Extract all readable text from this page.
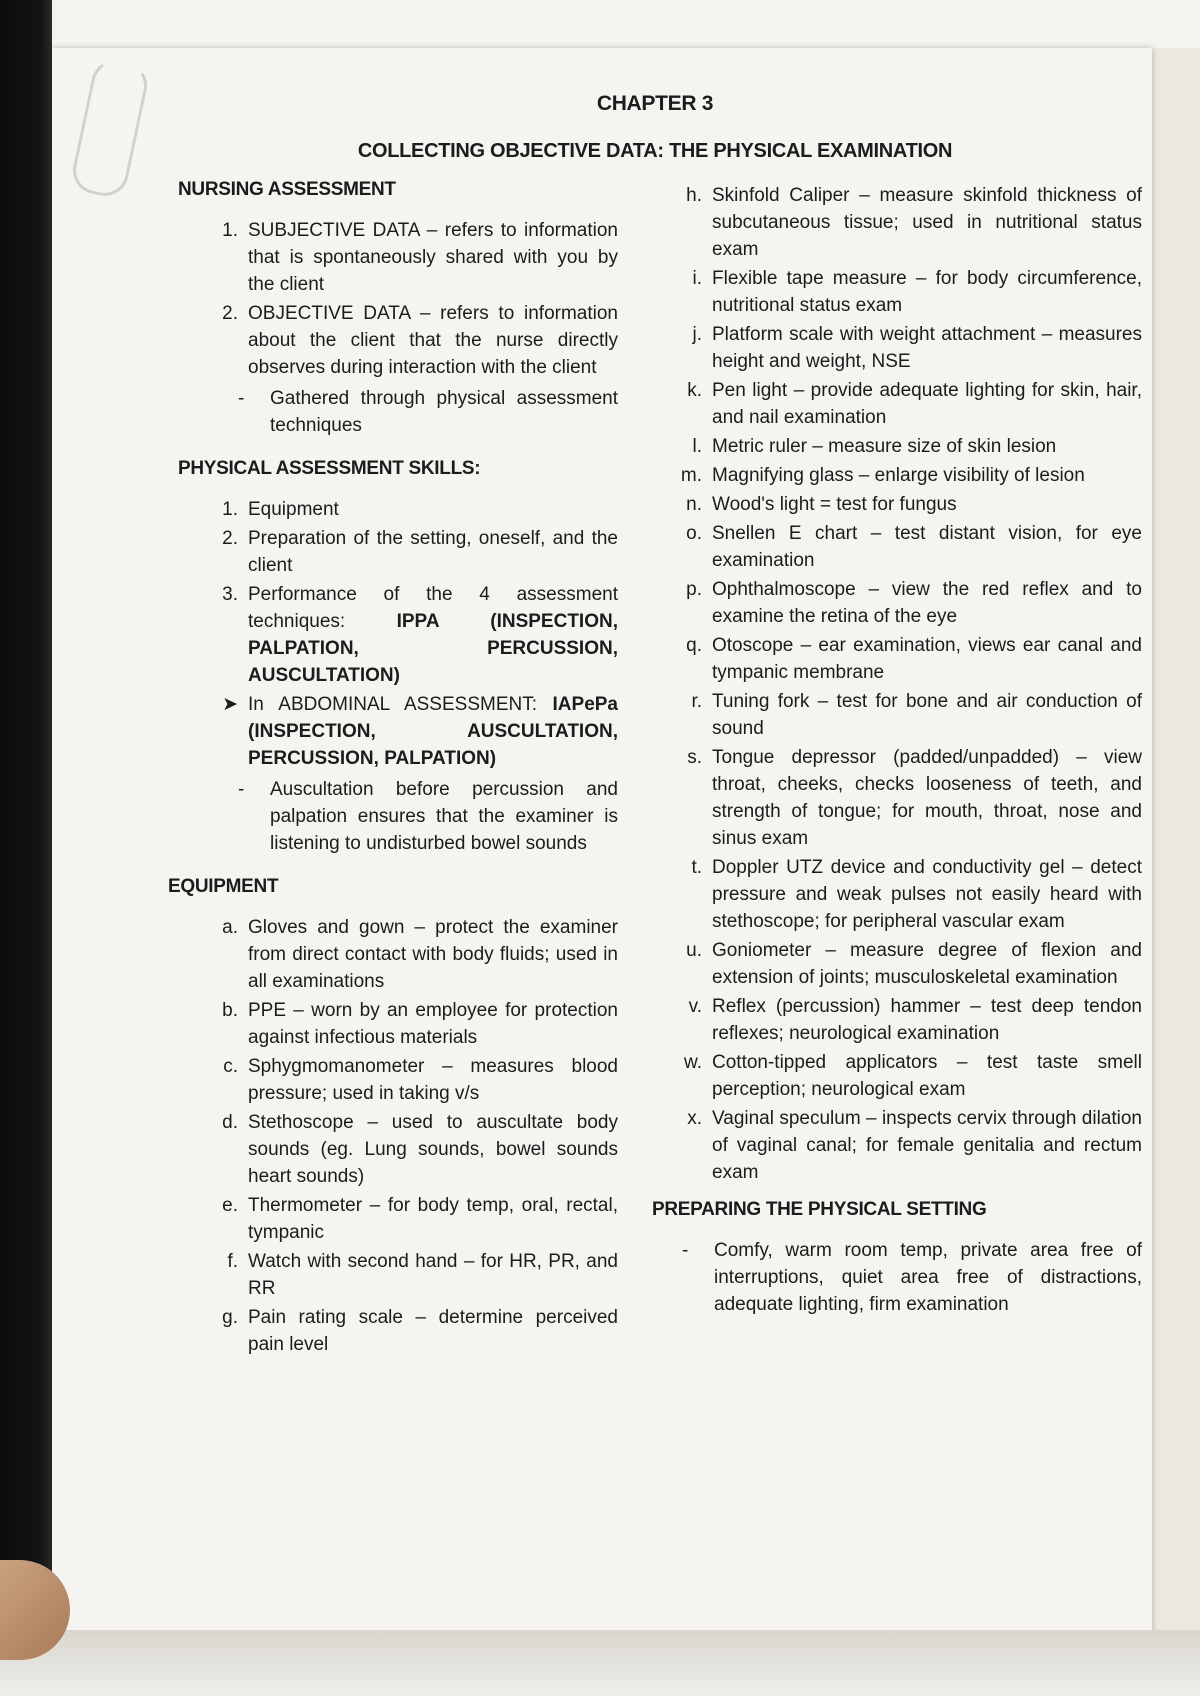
CHAPTER 3
COLLECTING OBJECTIVE DATA: THE PHYSICAL EXAMINATION
NURSING ASSESSMENT
1. SUBJECTIVE DATA – refers to information that is spontaneously shared with you by the client
2. OBJECTIVE DATA – refers to information about the client that the nurse directly observes during interaction with the client
-	Gathered through physical assessment techniques
PHYSICAL ASSESSMENT SKILLS:
1. Equipment
2. Preparation of the setting, oneself, and the client
3. Performance of the 4 assessment techniques:	IPPA (INSPECTION, PALPATION, PERCUSSION, AUSCULTATION)
➤ In ABDOMINAL ASSESSMENT: IAPePa (INSPECTION, AUSCULTATION, PERCUSSION, PALPATION)
-	Auscultation before percussion and palpation ensures that the examiner is listening to undisturbed bowel sounds
EQUIPMENT
a. Gloves and gown – protect the examiner from direct contact with body fluids; used in all examinations
b. PPE – worn by an employee for protection against infectious materials
c. Sphygmomanometer – measures blood pressure; used in taking v/s
d. Stethoscope – used to auscultate body sounds (eg. Lung sounds, bowel sounds heart sounds)
e. Thermometer – for body temp, oral, rectal, tympanic
f. Watch with second hand – for HR, PR, and RR
g. Pain rating scale – determine perceived pain level
h. Skinfold Caliper – measure skinfold thickness of subcutaneous tissue; used in nutritional status exam
i. Flexible tape measure – for body circumference, nutritional status exam
j. Platform scale with weight attachment – measures height and weight, NSE
k. Pen light – provide adequate lighting for skin, hair, and nail examination
l. Metric ruler – measure size of skin lesion
m. Magnifying glass – enlarge visibility of lesion
n. Wood's light = test for fungus
o. Snellen E chart – test distant vision, for eye examination
p. Ophthalmoscope – view the red reflex and to examine the retina of the eye
q. Otoscope – ear examination, views ear canal and tympanic membrane
r. Tuning fork – test for bone and air conduction of sound
s. Tongue depressor (padded/unpadded) – view throat, cheeks, checks looseness of teeth, and strength of tongue; for mouth, throat, nose and sinus exam
t. Doppler UTZ device and conductivity gel – detect pressure and weak pulses not easily heard with stethoscope; for peripheral vascular exam
u. Goniometer – measure degree of flexion and extension of joints; musculoskeletal examination
v. Reflex (percussion) hammer – test deep tendon reflexes; neurological examination
w. Cotton-tipped applicators – test taste smell perception; neurological exam
x. Vaginal speculum – inspects cervix through dilation of vaginal canal; for female genitalia and rectum exam
PREPARING THE PHYSICAL SETTING
-	Comfy, warm room temp, private area free of interruptions, quiet area free of distractions, adequate lighting, firm examination
